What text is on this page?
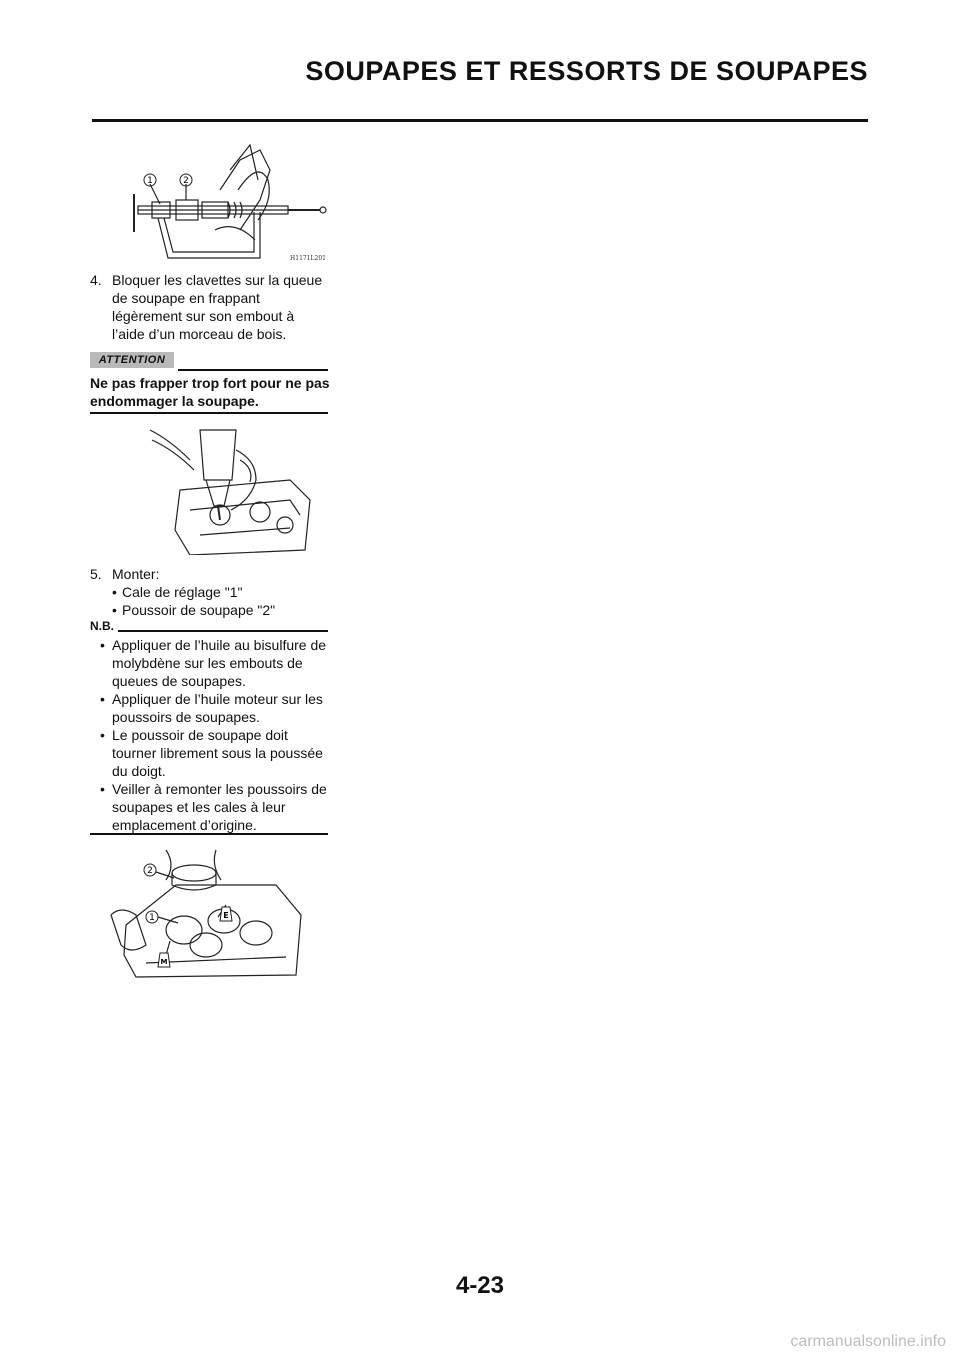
SOUPAPES ET RESSORTS DE SOUPAPES
1	2
H1171L201
4. Bloquer les clavettes sur la queue de soupape en frappant légèrement sur son embout à l’aide d’un morceau de bois.
ATTENTION
Ne pas frapper trop fort pour ne pas endommager la soupape.
5. Monter:
• Cale de réglage "1"
• Poussoir de soupape "2"
N.B.
• Appliquer de l’huile au bisulfure de molybdène sur les embouts de queues de soupapes.
• Appliquer de l’huile moteur sur les poussoirs de soupapes.
• Le poussoir de soupape doit tourner librement sous la poussée du doigt.
• Veiller à remonter les poussoirs de soupapes et les cales à leur emplacement d’origine.
2
1	E
M
4-23
carmanualsonline.info
